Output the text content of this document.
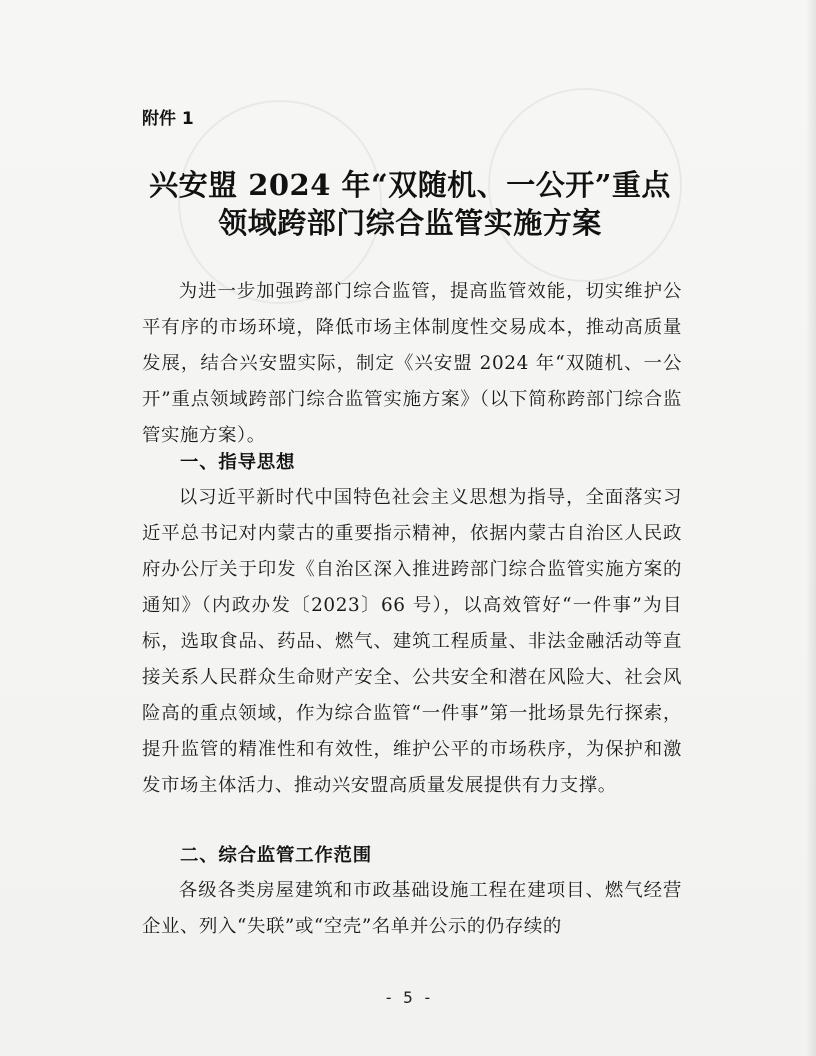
附件 1
兴安盟 2024 年“双随机、一公开”重点
领域跨部门综合监管实施方案
为进一步加强跨部门综合监管，提高监管效能，切实维护公平有序的市场环境，降低市场主体制度性交易成本，推动高质量发展，结合兴安盟实际，制定《兴安盟 2024 年“双随机、一公开”重点领域跨部门综合监管实施方案》（以下简称跨部门综合监管实施方案）。
一、指导思想
以习近平新时代中国特色社会主义思想为指导，全面落实习近平总书记对内蒙古的重要指示精神，依据内蒙古自治区人民政府办公厅关于印发《自治区深入推进跨部门综合监管实施方案的通知》（内政办发〔2023〕66 号），以高效管好“一件事”为目标，选取食品、药品、燃气、建筑工程质量、非法金融活动等直接关系人民群众生命财产安全、公共安全和潜在风险大、社会风险高的重点领域，作为综合监管“一件事”第一批场景先行探索，提升监管的精准性和有效性，维护公平的市场秩序，为保护和激发市场主体活力、推动兴安盟高质量发展提供有力支撑。
二、综合监管工作范围
各级各类房屋建筑和市政基础设施工程在建项目、燃气经营企业、列入“失联”或“空壳”名单并公示的仍存续的
- 5 -
